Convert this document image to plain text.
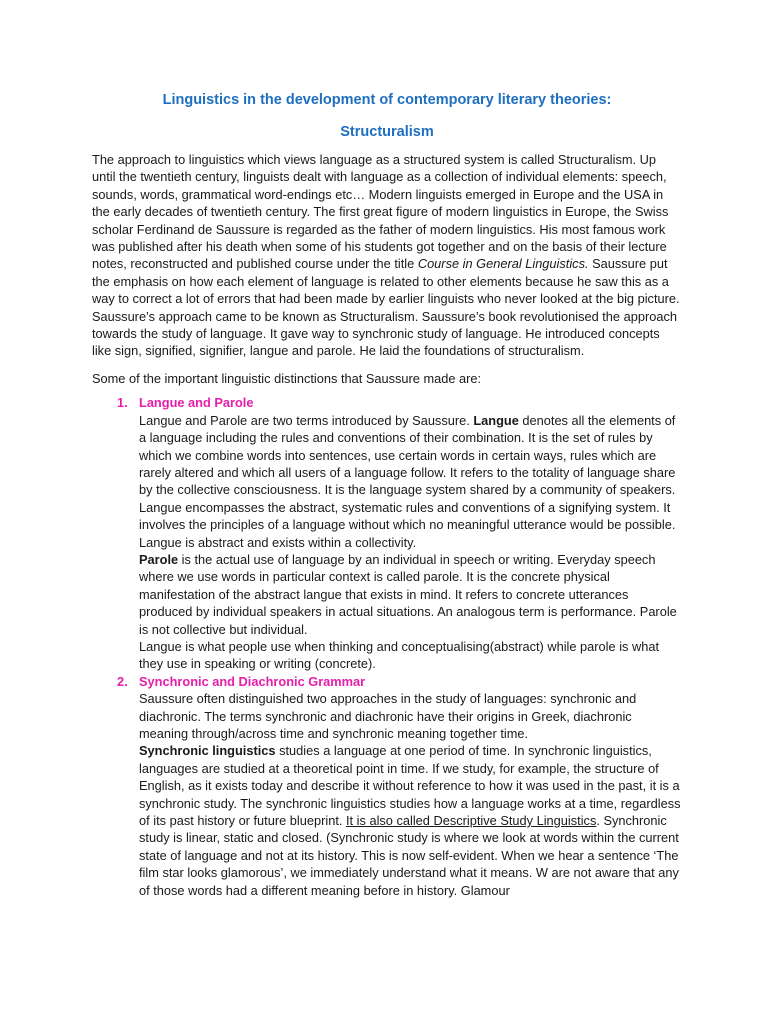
Linguistics in the development of contemporary literary theories:
Structuralism

The approach to linguistics which views language as a structured system is called Structuralism. Up until the twentieth century, linguists dealt with language as a collection of individual elements: speech, sounds, words, grammatical word-endings etc… Modern linguists emerged in Europe and the USA in the early decades of twentieth century. The first great figure of modern linguistics in Europe, the Swiss scholar Ferdinand de Saussure is regarded as the father of modern linguistics. His most famous work was published after his death when some of his students got together and on the basis of their lecture notes, reconstructed and published course under the title Course in General Linguistics. Saussure put the emphasis on how each element of language is related to other elements because he saw this as a way to correct a lot of errors that had been made by earlier linguists who never looked at the big picture. Saussure’s approach came to be known as Structuralism. Saussure’s book revolutionised the approach towards the study of language. It gave way to synchronic study of language. He introduced concepts like sign, signified, signifier, langue and parole. He laid the foundations of structuralism.

Some of the important linguistic distinctions that Saussure made are:

1. Langue and Parole
Langue and Parole are two terms introduced by Saussure. Langue denotes all the elements of a language including the rules and conventions of their combination. It is the set of rules by which we combine words into sentences, use certain words in certain ways, rules which are rarely altered and which all users of a language follow. It refers to the totality of language share by the collective consciousness. It is the language system shared by a community of speakers. Langue encompasses the abstract, systematic rules and conventions of a signifying system. It involves the principles of a language without which no meaningful utterance would be possible. Langue is abstract and exists within a collectivity.
Parole is the actual use of language by an individual in speech or writing. Everyday speech where we use words in particular context is called parole. It is the concrete physical manifestation of the abstract langue that exists in mind. It refers to concrete utterances produced by individual speakers in actual situations. An analogous term is performance. Parole is not collective but individual.
Langue is what people use when thinking and conceptualising(abstract) while parole is what they use in speaking or writing (concrete).
2. Synchronic and Diachronic Grammar
Saussure often distinguished two approaches in the study of languages: synchronic and diachronic. The terms synchronic and diachronic have their origins in Greek, diachronic meaning through/across time and synchronic meaning together time.
Synchronic linguistics studies a language at one period of time. In synchronic linguistics, languages are studied at a theoretical point in time. If we study, for example, the structure of English, as it exists today and describe it without reference to how it was used in the past, it is a synchronic study. The synchronic linguistics studies how a language works at a time, regardless of its past history or future blueprint. It is also called Descriptive Study Linguistics. Synchronic study is linear, static and closed. (Synchronic study is where we look at words within the current state of language and not at its history. This is now self-evident. When we hear a sentence ‘The film star looks glamorous’, we immediately understand what it means. W are not aware that any of those words had a different meaning before in history. Glamour
